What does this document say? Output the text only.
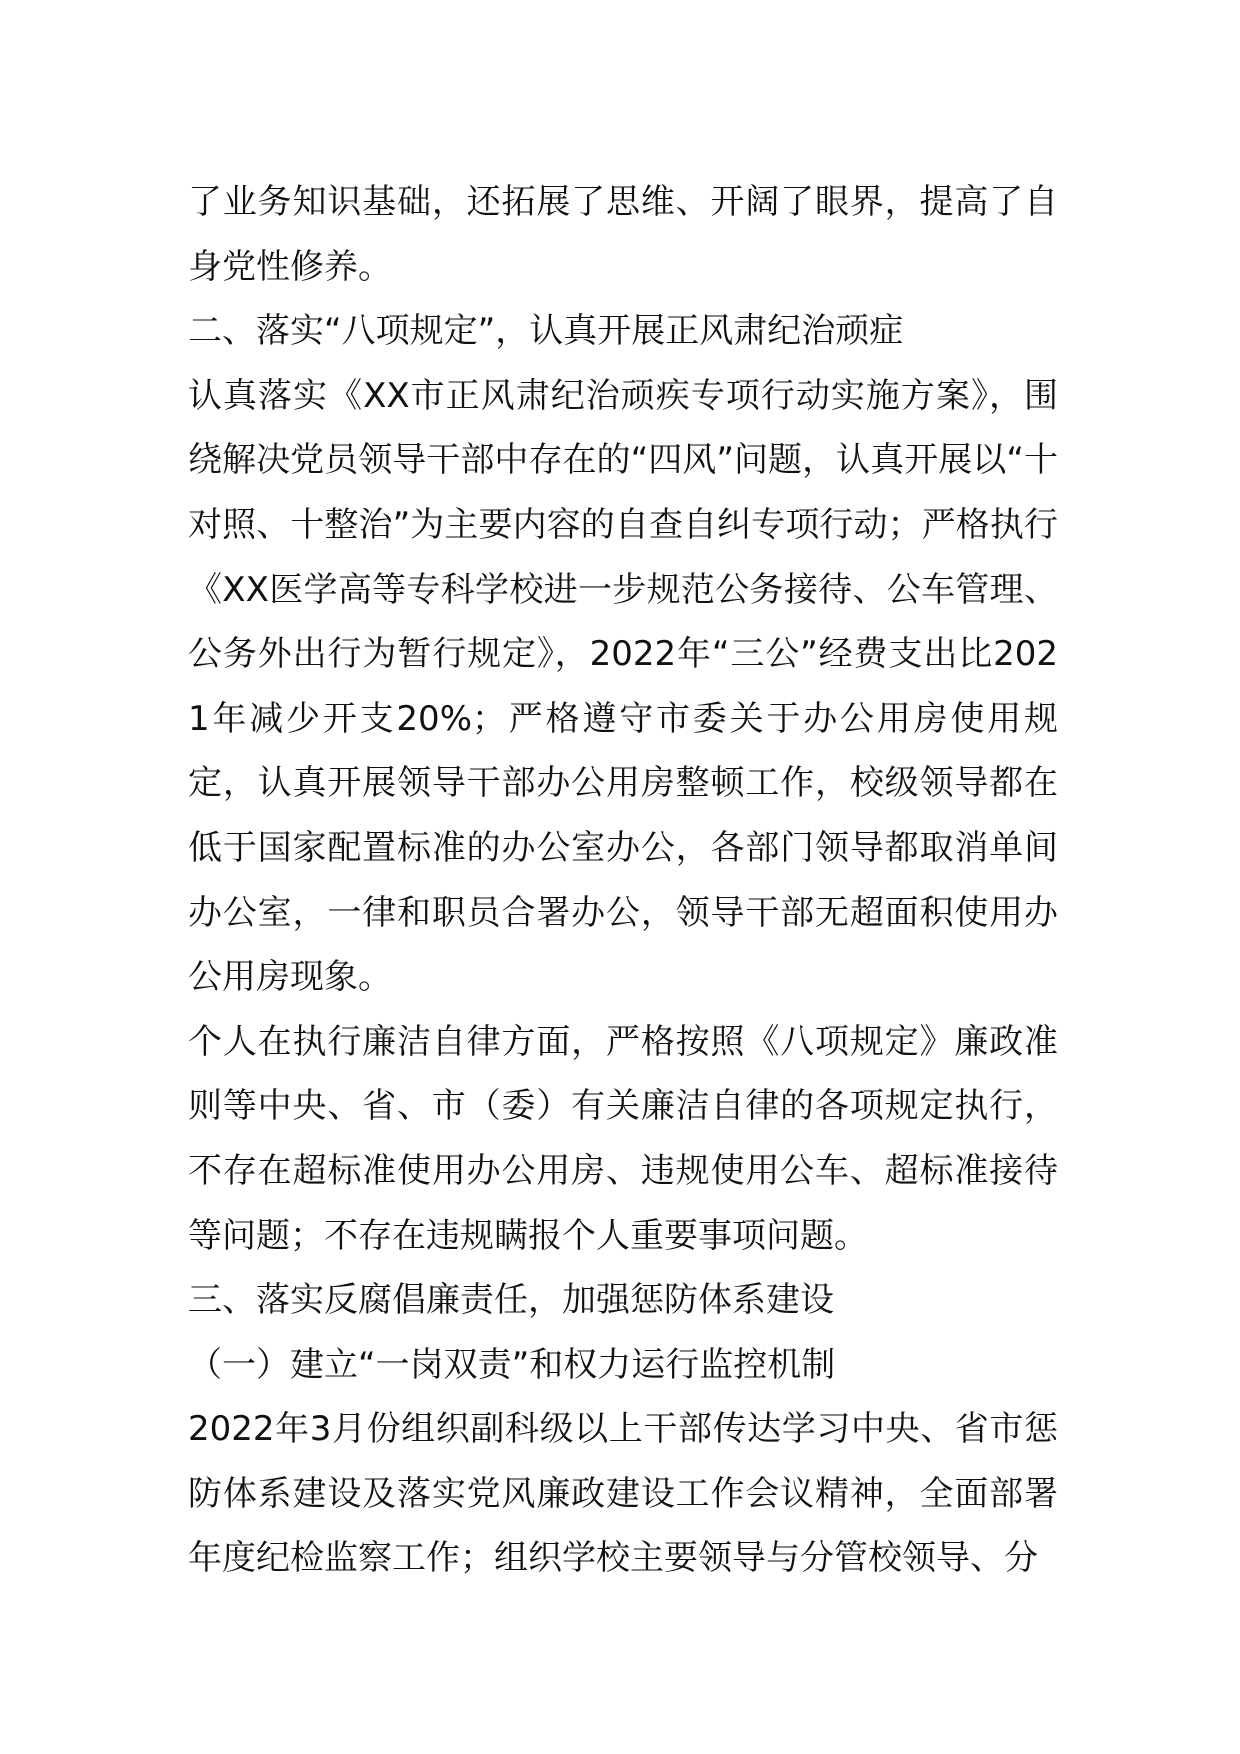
了业务知识基础，还拓展了思维、开阔了眼界，提高了自身党性修养。

二、落实“八项规定”，认真开展正风肃纪治顽症

认真落实《XX市正风肃纪治顽疾专项行动实施方案》，围绕解决党员领导干部中存在的“四风”问题，认真开展以“十对照、十整治”为主要内容的自查自纠专项行动；严格执行《XX医学高等专科学校进一步规范公务接待、公车管理、公务外出行为暂行规定》，2022年“三公”经费支出比2021年减少开支20%；严格遵守市委关于办公用房使用规定，认真开展领导干部办公用房整顿工作，校级领导都在低于国家配置标准的办公室办公，各部门领导都取消单间办公室，一律和职员合署办公，领导干部无超面积使用办公用房现象。

个人在执行廉洁自律方面，严格按照《八项规定》廉政准则等中央、省、市（委）有关廉洁自律的各项规定执行，不存在超标准使用办公用房、违规使用公车、超标准接待等问题；不存在违规瞒报个人重要事项问题。

三、落实反腐倡廉责任，加强惩防体系建设

（一）建立“一岗双责”和权力运行监控机制

2022年3月份组织副科级以上干部传达学习中央、省市惩防体系建设及落实党风廉政建设工作会议精神，全面部署年度纪检监察工作；组织学校主要领导与分管校领导、分
